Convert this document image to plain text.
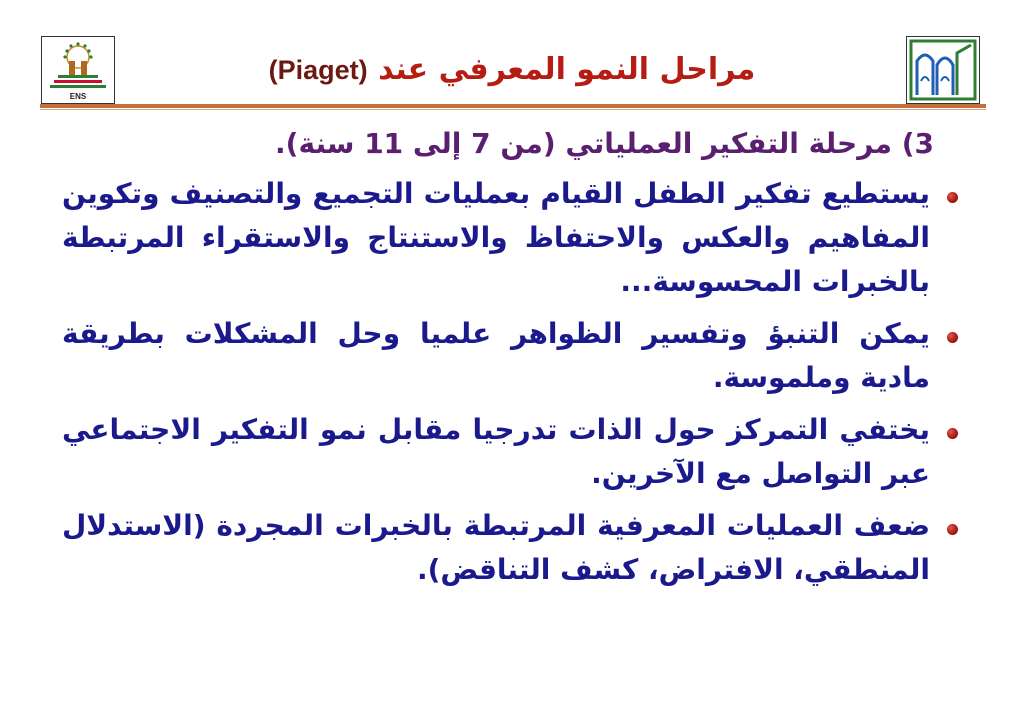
ENS
مراحل النمو المعرفي عند (Piaget)
3) مرحلة التفكير العملياتي (من 7 إلى 11 سنة).
يستطيع تفكير الطفل القيام بعمليات التجميع والتصنيف وتكوين المفاهيم والعكس والاحتفاظ والاستنتاج والاستقراء المرتبطة بالخبرات المحسوسة...
يمكن التنبؤ وتفسير الظواهر علميا وحل المشكلات بطريقة مادية وملموسة.
يختفي التمركز حول الذات تدرجيا مقابل نمو التفكير الاجتماعي عبر التواصل مع الآخرين.
ضعف العمليات المعرفية المرتبطة بالخبرات المجردة (الاستدلال المنطقي، الافتراض، كشف التناقض).
